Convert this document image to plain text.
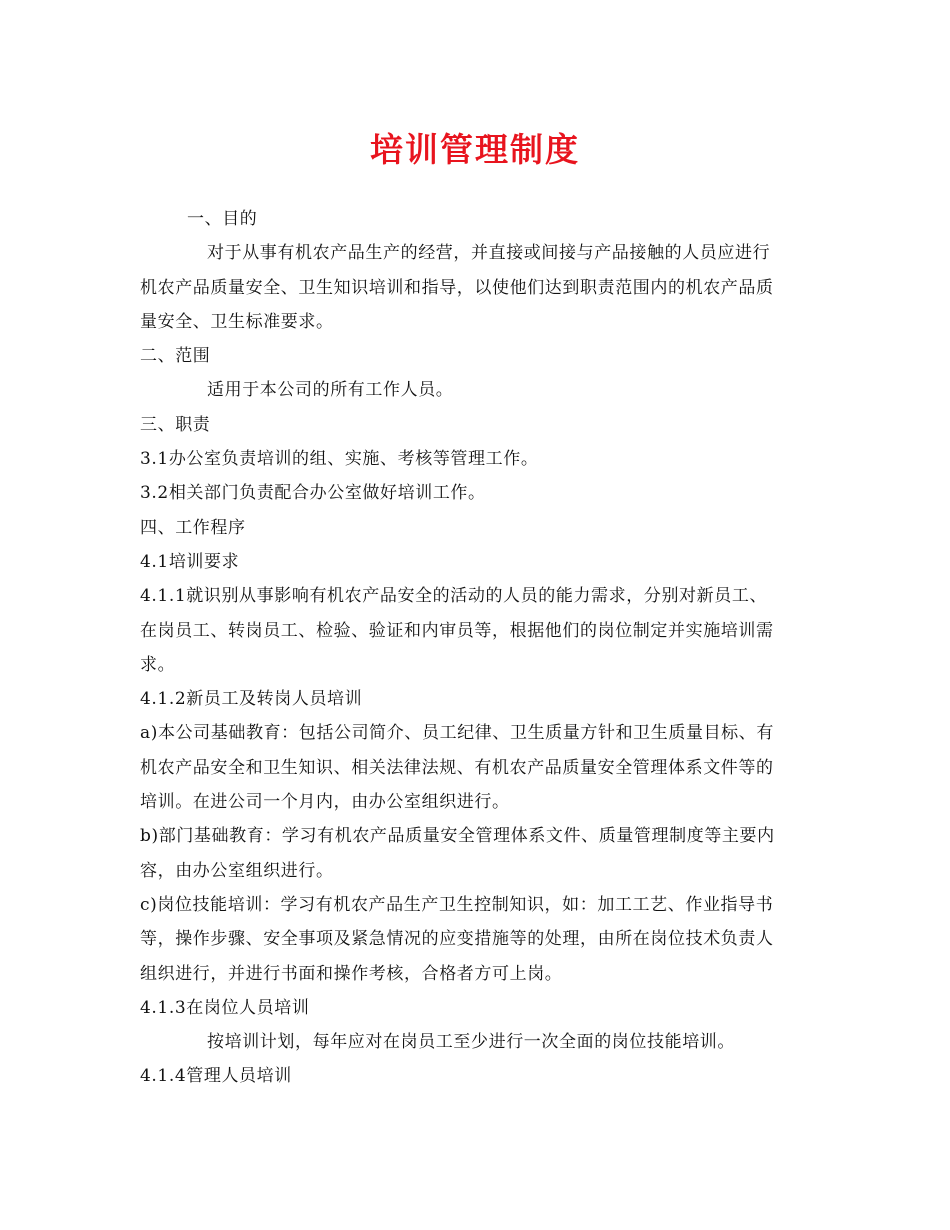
培训管理制度
一、目的
对于从事有机农产品生产的经营，并直接或间接与产品接触的人员应进行
机农产品质量安全、卫生知识培训和指导，以使他们达到职责范围内的机农产品质
量安全、卫生标准要求。
二、范围
适用于本公司的所有工作人员。
三、职责
3.1办公室负责培训的组、实施、考核等管理工作。
3.2相关部门负责配合办公室做好培训工作。
四、工作程序
4.1培训要求
4.1.1就识别从事影响有机农产品安全的活动的人员的能力需求，分别对新员工、
在岗员工、转岗员工、检验、验证和内审员等，根据他们的岗位制定并实施培训需
求。
4.1.2新员工及转岗人员培训
a)本公司基础教育：包括公司简介、员工纪律、卫生质量方针和卫生质量目标、有
机农产品安全和卫生知识、相关法律法规、有机农产品质量安全管理体系文件等的
培训。在进公司一个月内，由办公室组织进行。
b)部门基础教育：学习有机农产品质量安全管理体系文件、质量管理制度等主要内
容，由办公室组织进行。
c)岗位技能培训：学习有机农产品生产卫生控制知识，如：加工工艺、作业指导书
等，操作步骤、安全事项及紧急情况的应变措施等的处理，由所在岗位技术负责人
组织进行，并进行书面和操作考核，合格者方可上岗。
4.1.3在岗位人员培训
按培训计划，每年应对在岗员工至少进行一次全面的岗位技能培训。
4.1.4管理人员培训
